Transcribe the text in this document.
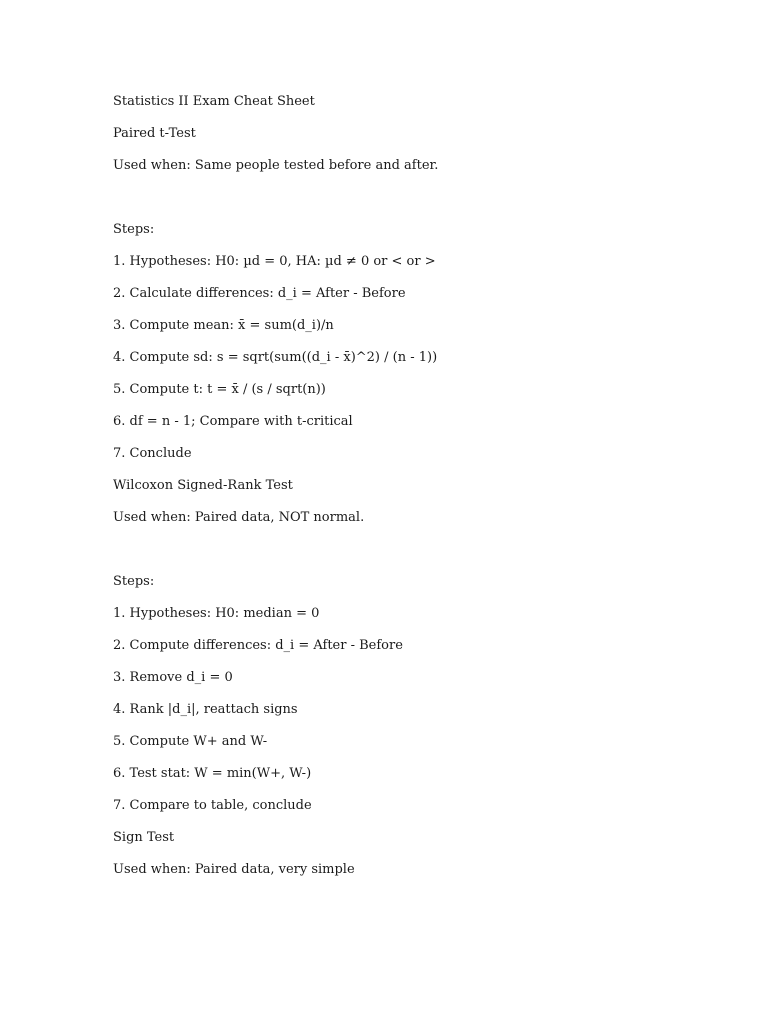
Statistics II Exam Cheat Sheet
Paired t-Test
Used when: Same people tested before and after.
Steps:
1. Hypotheses: H0: µd = 0, HA: µd ≠ 0 or < or >
2. Calculate differences: d_i = After - Before
3. Compute mean: x̄ = sum(d_i)/n
4. Compute sd: s = sqrt(sum((d_i - x̄)^2) / (n - 1))
5. Compute t: t = x̄ / (s / sqrt(n))
6. df = n - 1; Compare with t-critical
7. Conclude
Wilcoxon Signed-Rank Test
Used when: Paired data, NOT normal.
Steps:
1. Hypotheses: H0: median = 0
2. Compute differences: d_i = After - Before
3. Remove d_i = 0
4. Rank |d_i|, reattach signs
5. Compute W+ and W-
6. Test stat: W = min(W+, W-)
7. Compare to table, conclude
Sign Test
Used when: Paired data, very simple
